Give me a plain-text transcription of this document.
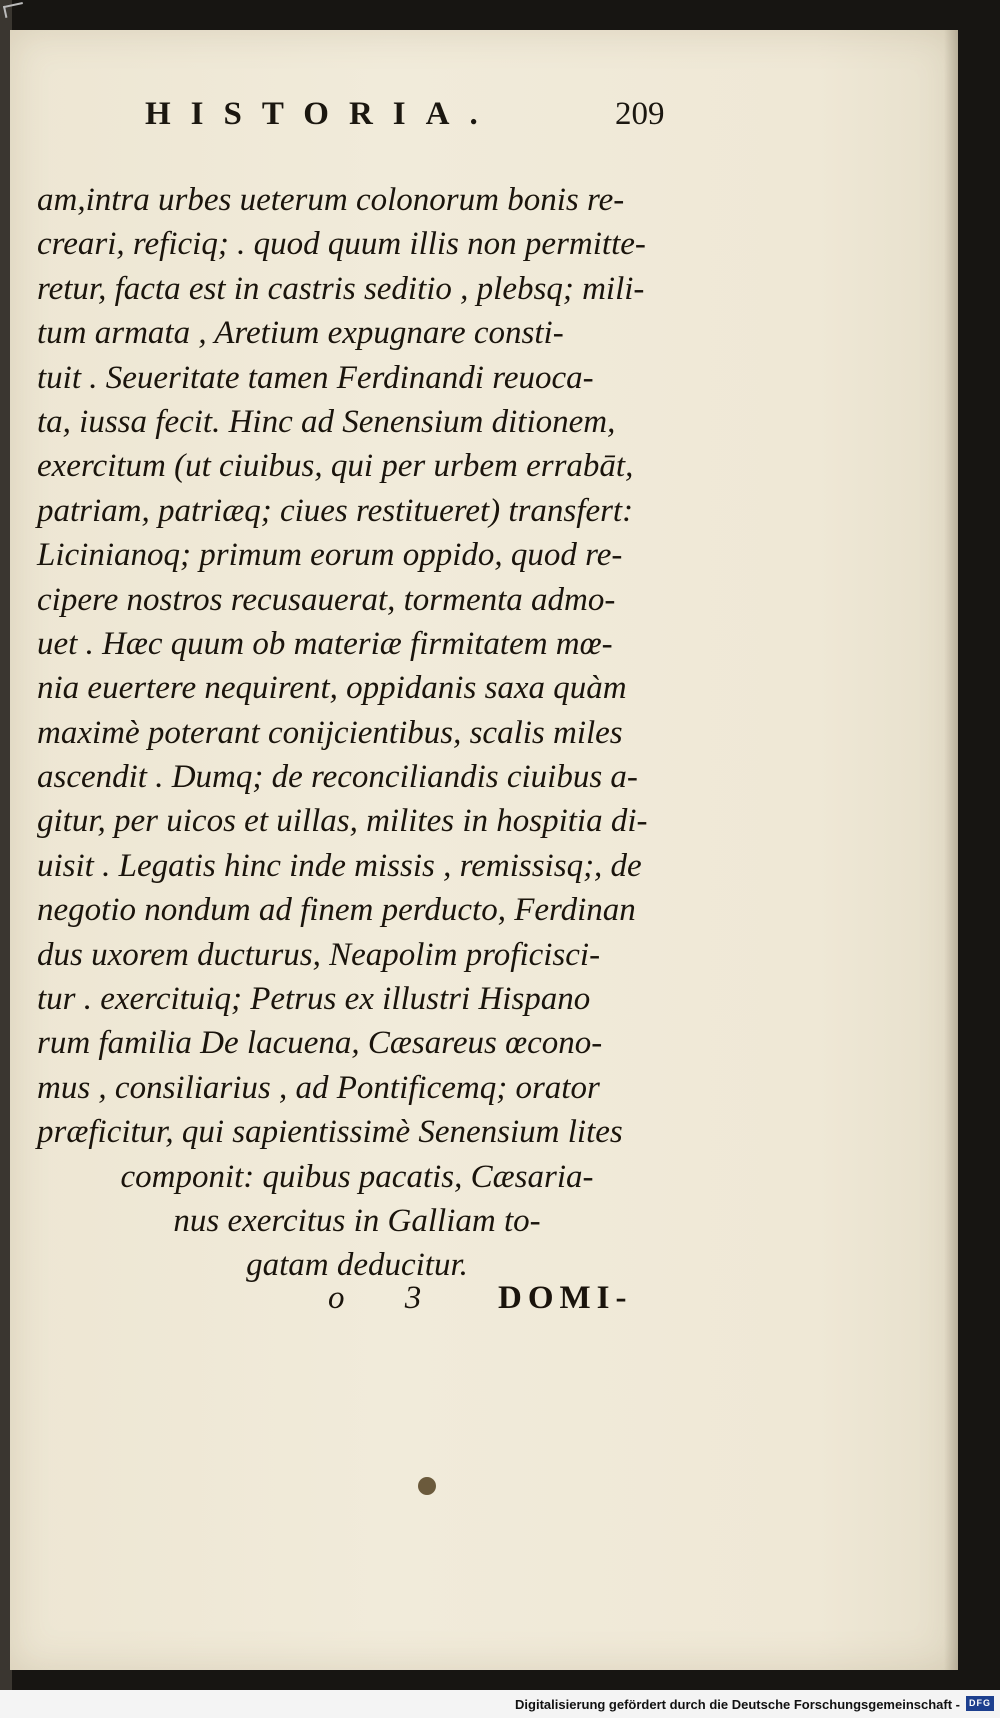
HISTORIA.	209
am,intra urbes ueterum colonorum bonis re-
creari, reficiq; . quod quum illis non permitte-
retur, facta est in castris seditio , plebsq; mili-
tum armata , Aretium expugnare consti-
tuit . Seueritate tamen Ferdinandi reuoca-
ta, iussa fecit. Hinc ad Senensium ditionem,
exercitum (ut ciuibus, qui per urbem errabāt,
patriam, patriæq; ciues restitueret) transfert:
Licinianoq; primum eorum oppido, quod re-
cipere nostros recusauerat, tormenta admo-
uet . Hæc quum ob materiæ firmitatem mœ-
nia euertere nequirent, oppidanis saxa quàm
maximè poterant conijcientibus, scalis miles
ascendit . Dumq; de reconciliandis ciuibus a-
gitur, per uicos et uillas, milites in hospitia di-
uisit . Legatis hinc inde missis , remissisq;, de
negotio nondum ad finem perducto, Ferdinan
dus uxorem ducturus, Neapolim proficisci-
tur . exercituiq; Petrus ex illustri Hispano
rum familia De lacuena, Cæsareus œcono-
mus , consiliarius , ad Pontificemq; orator
præficitur, qui sapientissimè Senensium lites
componit: quibus pacatis, Cæsaria-
nus exercitus in Galliam to-
gatam deducitur.
o 3 DOMI-
Digitalisierung gefördert durch die Deutsche Forschungsgemeinschaft -	DFG
